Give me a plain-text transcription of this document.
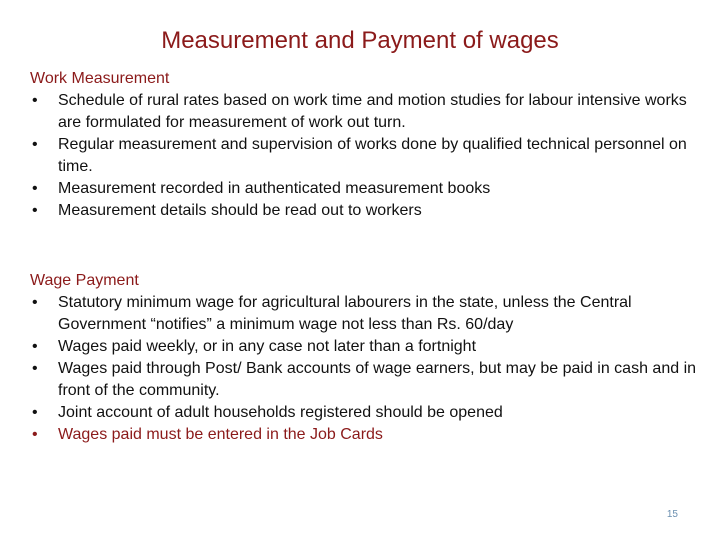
Measurement and Payment of wages
Work Measurement
• Schedule of rural rates based on work time and motion studies for labour intensive works are formulated for measurement of work out turn.
• Regular measurement and supervision of works done by qualified technical personnel on time.
• Measurement recorded in authenticated measurement books
• Measurement details should be read out to workers
Wage Payment
• Statutory minimum wage for agricultural labourers in the state, unless the Central Government “notifies” a minimum wage not less than Rs. 60/day
• Wages paid weekly, or in any case not later than a fortnight
• Wages paid through Post/ Bank accounts of wage earners, but may be paid in cash and in front of the community.
• Joint account of adult households registered should be opened
• Wages paid must be entered in the Job Cards
15
